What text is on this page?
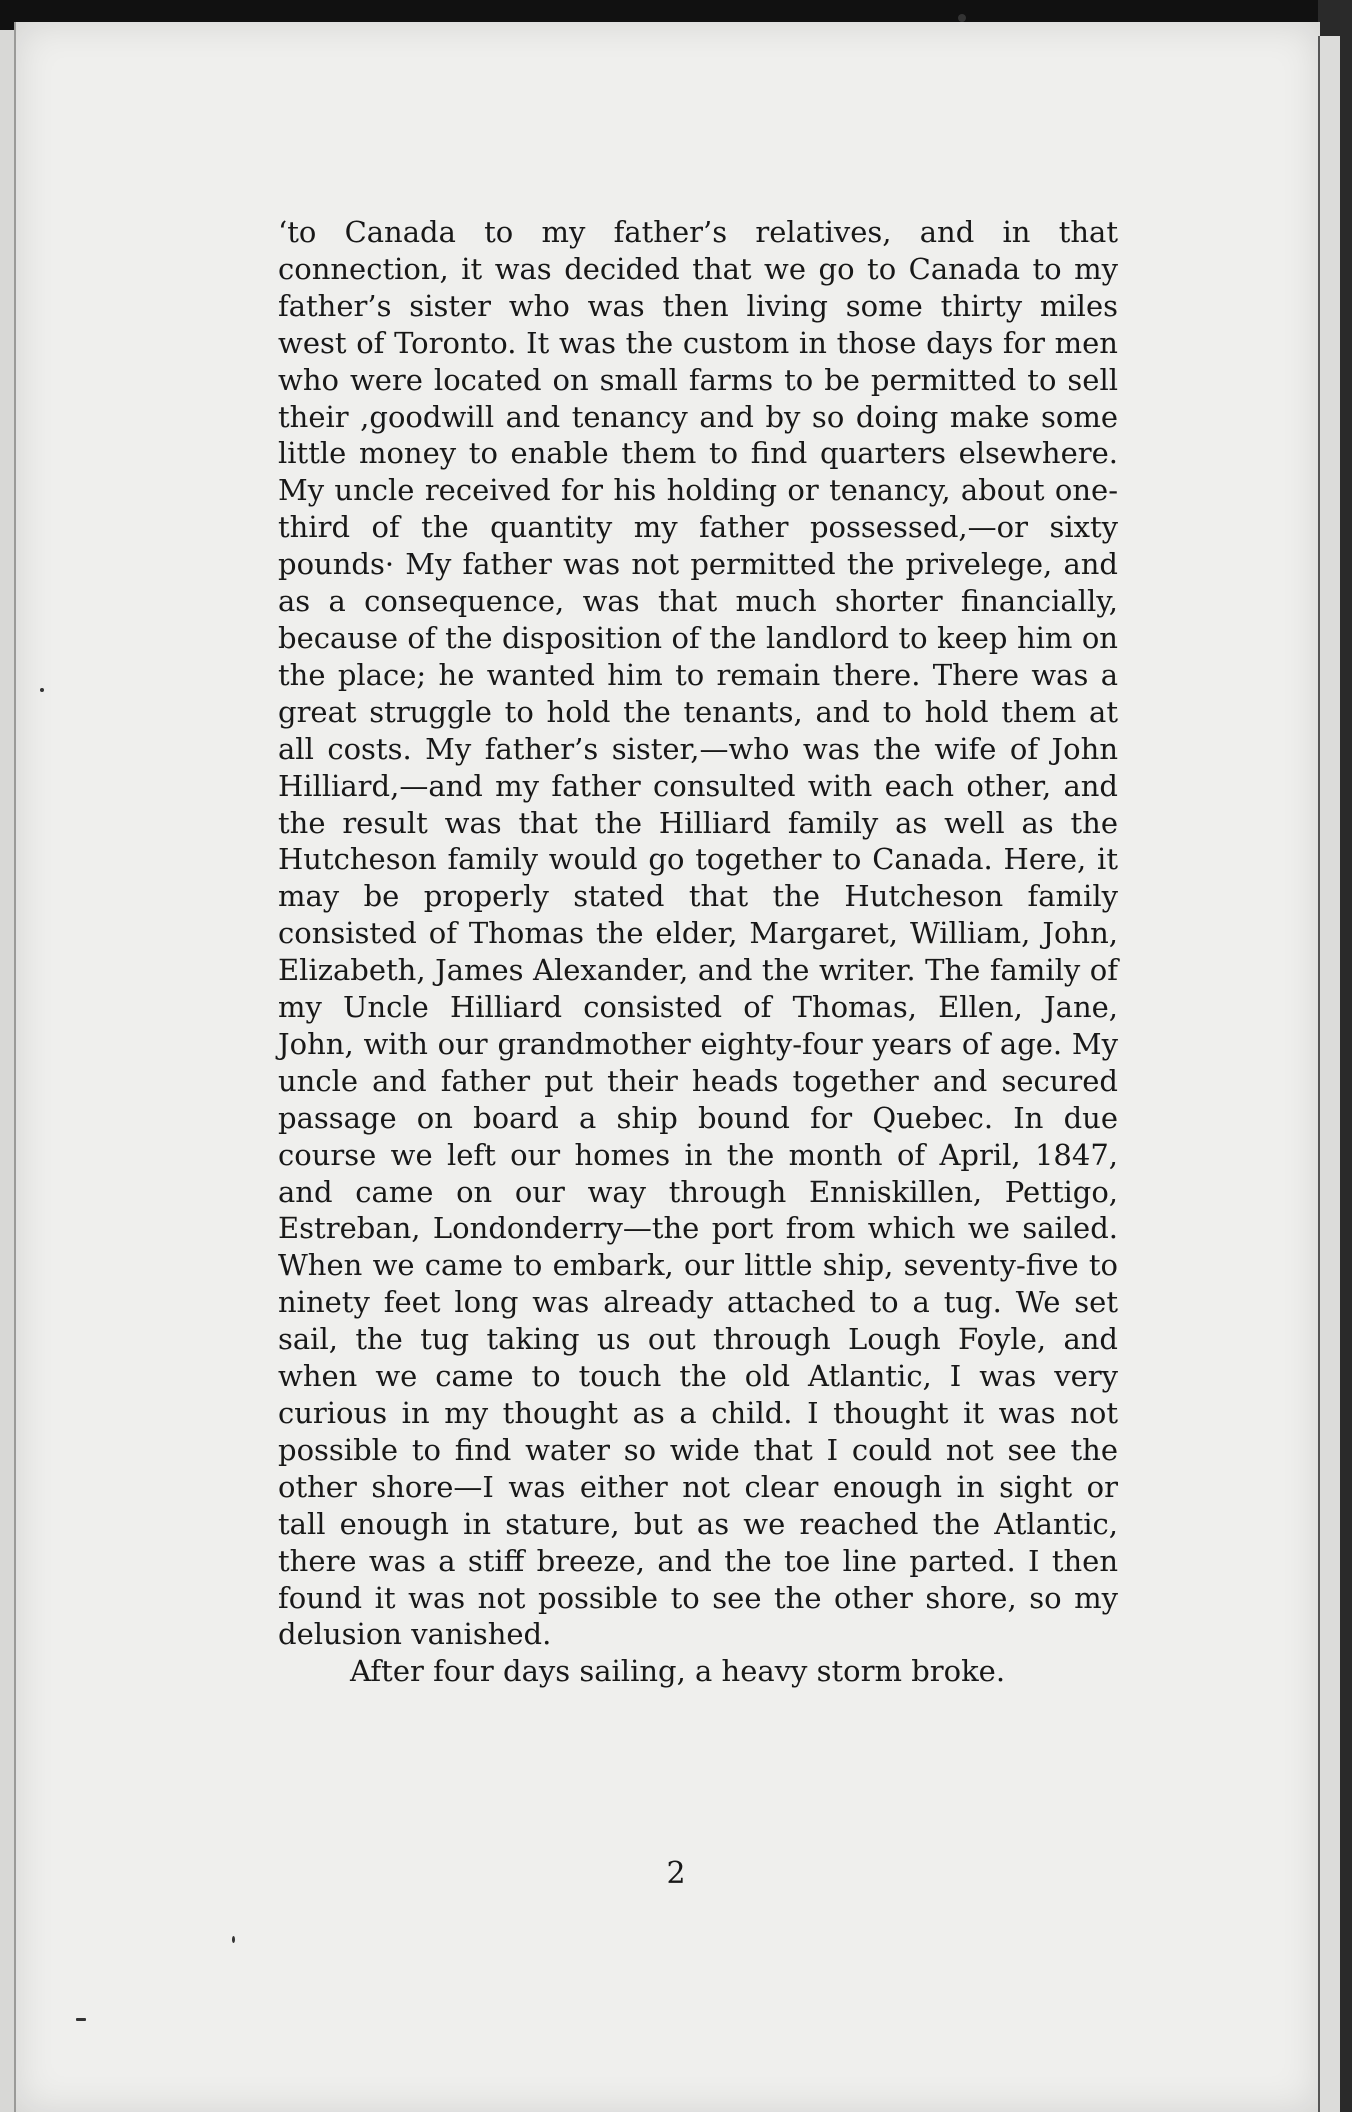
‘to Canada to my father’s relatives, and in that connection, it was decided that we go to Canada to my father’s sister who was then living some thirty miles west of Toronto. It was the custom in those days for men who were located on small farms to be permitted to sell their ,goodwill and tenancy and by so doing make some little money to enable them to find quarters elsewhere. My uncle received for his holding or tenancy, about one-third of the quantity my father possessed,—or sixty pounds· My father was not permitted the privelege, and as a consequence, was that much shorter financially, because of the disposition of the landlord to keep him on the place; he wanted him to remain there. There was a great struggle to hold the tenants, and to hold them at all costs. My father’s sister,—who was the wife of John Hilliard,—and my father consulted with each other, and the result was that the Hilliard family as well as the Hutcheson family would go together to Canada. Here, it may be properly stated that the Hutcheson family consisted of Thomas the elder, Margaret, William, John, Elizabeth, James Alexander, and the writer. The family of my Uncle Hilliard consisted of Thomas, Ellen, Jane, John, with our grandmother eighty-four years of age. My uncle and father put their heads together and secured passage on board a ship bound for Quebec. In due course we left our homes in the month of April, 1847, and came on our way through Enniskillen, Pettigo, Estreban, Londonderry—the port from which we sailed. When we came to embark, our little ship, seventy-five to ninety feet long was already attached to a tug. We set sail, the tug taking us out through Lough Foyle, and when we came to touch the old Atlantic, I was very curious in my thought as a child. I thought it was not possible to find water so wide that I could not see the other shore—I was either not clear enough in sight or tall enough in stature, but as we reached the Atlantic, there was a stiff breeze, and the toe line parted. I then found it was not possible to see the other shore, so my delusion vanished.

After four days sailing, a heavy storm broke.

2
